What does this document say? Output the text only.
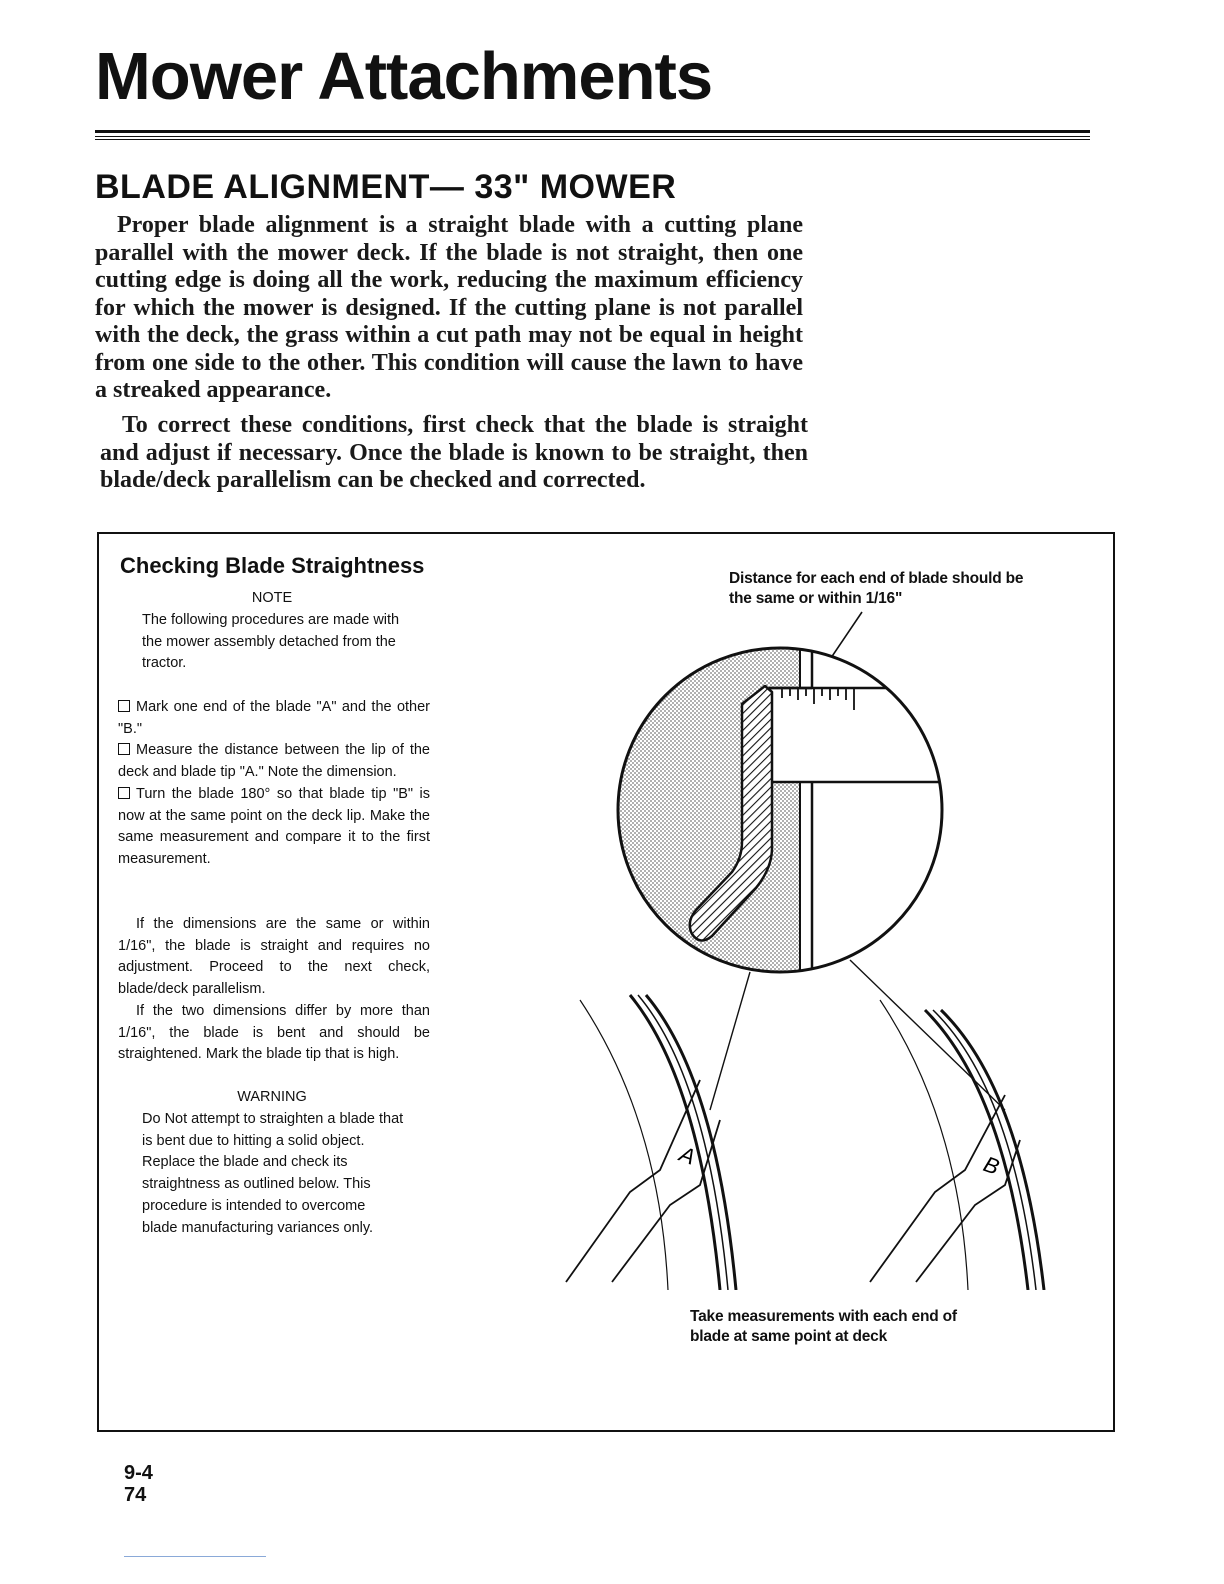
Mower Attachments
BLADE ALIGNMENT— 33" MOWER

Proper blade alignment is a straight blade with a cutting plane parallel with the mower deck. If the blade is not straight, then one cutting edge is doing all the work, reducing the maximum efficiency for which the mower is designed. If the cutting plane is not parallel with the deck, the grass within a cut path may not be equal in height from one side to the other. This condition will cause the lawn to have a streaked appearance.

To correct these conditions, first check that the blade is straight and adjust if necessary. Once the blade is known to be straight, then blade/deck parallelism can be checked and corrected.

Checking Blade Straightness
NOTE
The following procedures are made with the mower assembly detached from the tractor.

Mark one end of the blade "A" and the other "B."

Measure the distance between the lip of the deck and blade tip "A." Note the dimension.

Turn the blade 180° so that blade tip "B" is now at the same point on the deck lip. Make the same measurement and compare it to the first measurement.

If the dimensions are the same or within 1/16", the blade is straight and requires no adjustment. Proceed to the next check, blade/deck parallelism.

If the two dimensions differ by more than 1/16", the blade is bent and should be straightened. Mark the blade tip that is high.

WARNING
Do Not attempt to straighten a blade that is bent due to hitting a solid object. Replace the blade and check its straightness as outlined below. This procedure is intended to overcome blade manufacturing variances only.
Distance for each end of blade should be the same or within 1/16"
Take measurements with each end of blade at same point at deck
A	B
9-4
74
